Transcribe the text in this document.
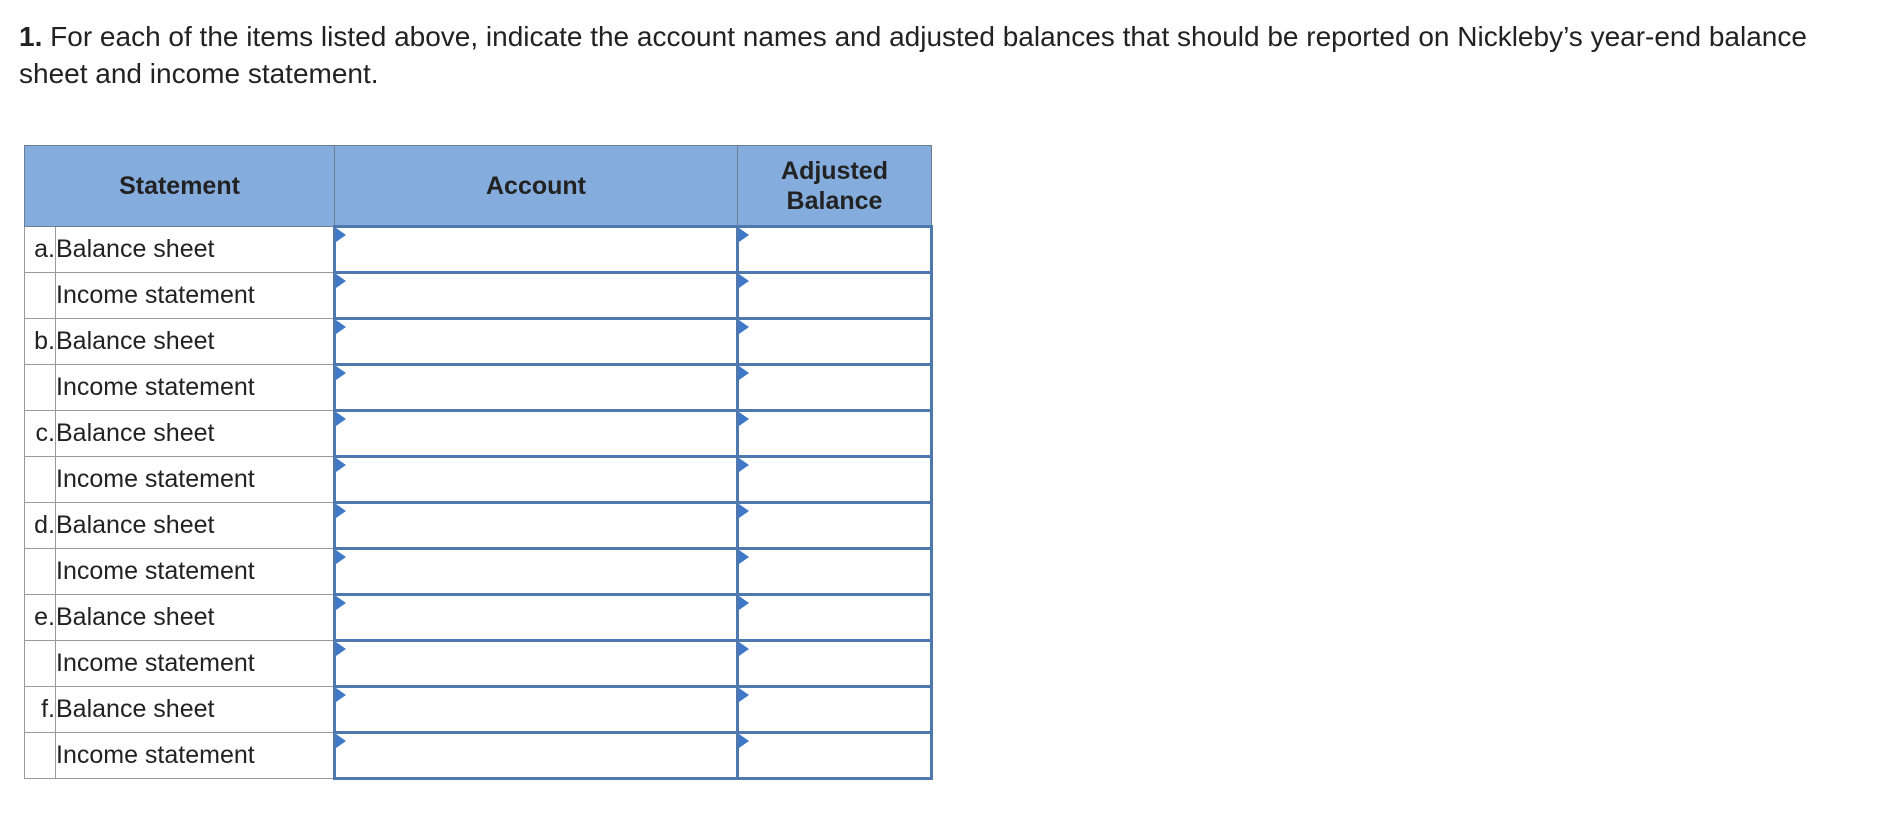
1. For each of the items listed above, indicate the account names and adjusted balances that should be reported on Nickleby’s year-end balance sheet and income statement.
Statement		Account	Adjusted Balance
a.	Balance sheet	

	Income statement	

b.	Balance sheet	

	Income statement	

c.	Balance sheet	

	Income statement	

d.	Balance sheet	

	Income statement	

e.	Balance sheet	

	Income statement	

f.	Balance sheet	

	Income statement	
